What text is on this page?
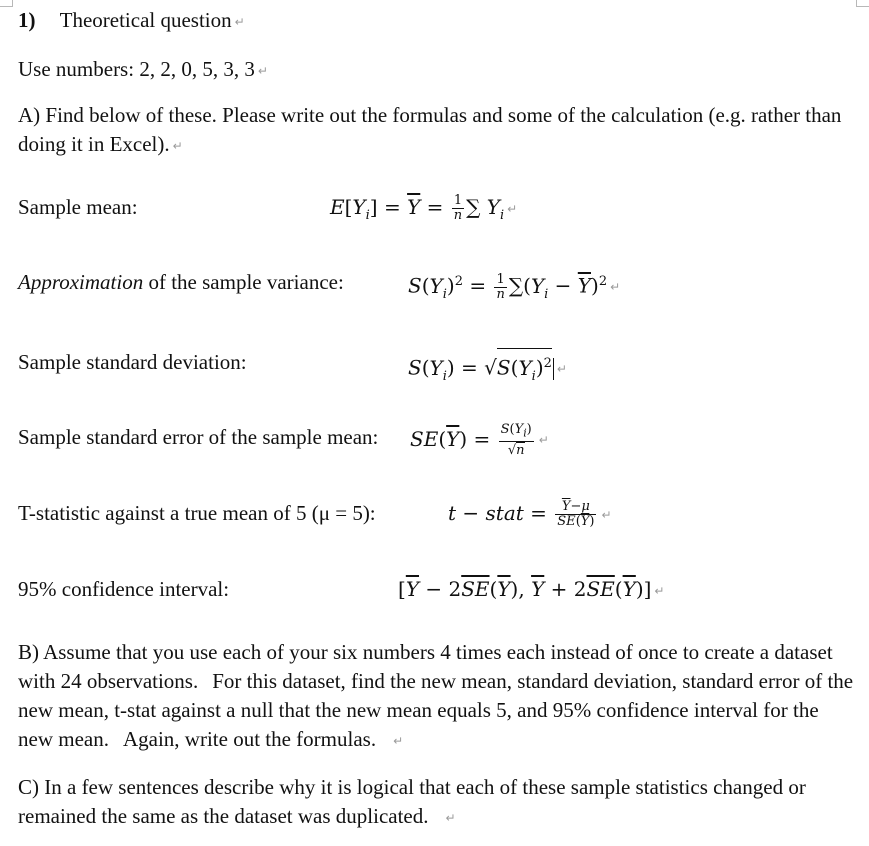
1) Theoretical question ↵
Use numbers: 2, 2, 0, 5, 3, 3 ↵
A) Find below of these. Please write out the formulas and some of the calculation (e.g. rather than doing it in Excel). ↵
Sample mean:	$E[Y_i] = \overline{Y} = \frac{1}{n}$ ∑ $Y_i$ ↵
Approximation of the sample variance:	$S(Y_i)^2 = \frac{1}{n} \sum(Y_i - \overline{Y})^2$ ↵
Sample standard deviation:	$S(Y_i) = √S(Y_i)^2$ ↵
Sample standard error of the sample mean: $SE(\overline{Y}) = \frac{S(Y_i)}{√n}$ ↵
T-statistic against a true mean of 5 (μ = 5):	t − stat = $\frac{\overline{Y}-\mu}{SE(\overline{Y})}$ ↵
95% confidence interval:	[$\overline{Y} - 2\overline{SE}(\overline{Y})$, $\overline{Y} + 2\overline{SE}(\overline{Y})$] ↵
B) Assume that you use each of your six numbers 4 times each instead of once to create a dataset with 24 observations. For this dataset, find the new mean, standard deviation, standard error of the new mean, t-stat against a null that the new mean equals 5, and 95% confidence interval for the new mean. Again, write out the formulas. ↵
C) In a few sentences describe why it is logical that each of these sample statistics changed or remained the same as the dataset was duplicated. ↵
